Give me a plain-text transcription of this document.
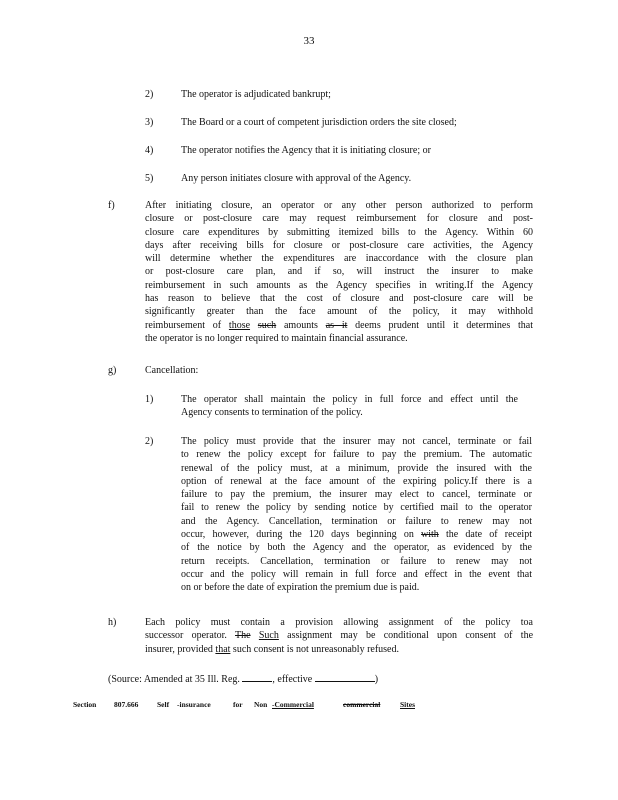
33
2)	The operator is adjudicated bankrupt;
3)	The Board or a court of competent jurisdiction orders the site closed;
4)	The operator notifies the Agency that it is initiating closure; or
5)	Any person initiates closure with approval of the Agency.
f)	After initiating closure, an operator or any other person authorized to perform
closure or post-closure care may request reimbursement for closure and post-
closure care expenditures by submitting itemized bills to the Agency. Within 60
days after receiving bills for closure or post-closure care activities, the Agency
will determine whether the expenditures are inaccordance with the closure plan
or post-closure care plan, and if so, will instruct the insurer to make
reimbursement in such amounts as the Agency specifies in writing.If the Agency
has reason to believe that the cost of closure and post-closure care will be
significantly greater than the face amount of the policy, it may withhold
reimbursement of those such amounts as it deems prudent until it determines that
the operator is no longer required to maintain financial assurance.
g)	Cancellation:
1)	The operator shall maintain the policy in full force and effect until the
Agency consents to termination of the policy.
2)	The policy must provide that the insurer may not cancel, terminate or fail
to renew the policy except for failure to pay the premium. The automatic
renewal of the policy must, at a minimum, provide the insured with the
option of renewal at the face amount of the expiring policy.If there is a
failure to pay the premium, the insurer may elect to cancel, terminate or
fail to renew the policy by sending notice by certified mail to the operator
and the Agency. Cancellation, termination or failure to renew may not
occur, however, during the 120 days beginning on with the date of receipt
of the notice by both the Agency and the operator, as evidenced by the
return receipts. Cancellation, termination or failure to renew may not
occur and the policy will remain in full force and effect in the event that
on or before the date of expiration the premium due is paid.
h)	Each policy must contain a provision allowing assignment of the policy toa
successor operator. The Such assignment may be conditional upon consent of the
insurer, provided that such consent is not unreasonably refused.
(Source: Amended at 35 Ill. Reg.	, effective	)
Section 807.666 Self -insurance	for Non -Commercial	commercial	Sites
